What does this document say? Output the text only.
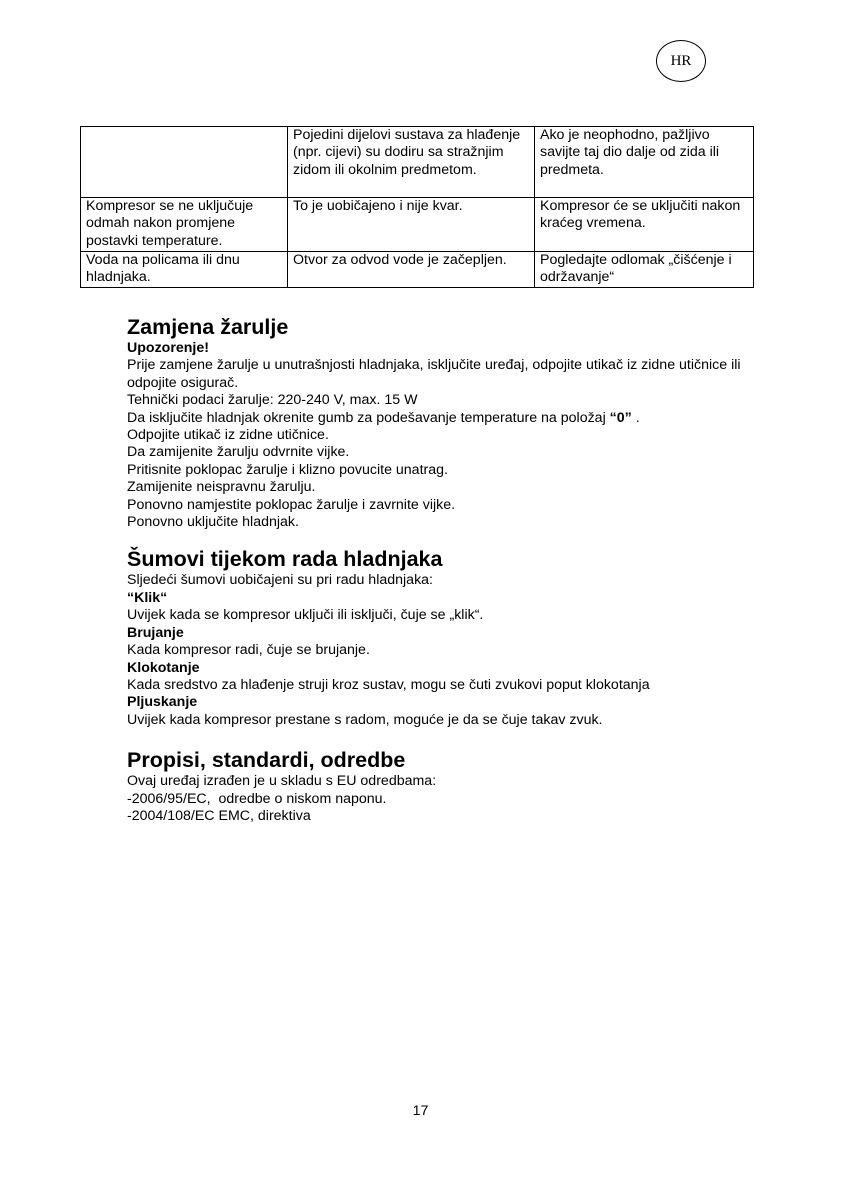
HR
	Pojedini dijelovi sustava za hlađenje (npr. cijevi) su dodiru sa stražnjim zidom ili okolnim predmetom.	Ako je neophodno, pažljivo savijte taj dio dalje od zida ili predmeta.
Kompresor se ne uključuje odmah nakon promjene postavki temperature.	To je uobičajeno i nije kvar.	Kompresor će se uključiti nakon kraćeg vremena.
Voda na policama ili dnu hladnjaka.	Otvor za odvod vode je začepljen.	Pogledajte odlomak „čišćenje i održavanje“
Zamjena žarulje

Upozorenje!

Prije zamjene žarulje u unutrašnjosti hladnjaka, isključite uređaj, odpojite utikač iz zidne utičnice ili odpojite osigurač.

Tehnički podaci žarulje: 220-240 V, max. 15 W

Da isključite hladnjak okrenite gumb za podešavanje temperature na položaj “0” .

Odpojite utikač iz zidne utičnice.

Da zamijenite žarulju odvrnite vijke.

Pritisnite poklopac žarulje i klizno povucite unatrag.

Zamijenite neispravnu žarulju.

Ponovno namjestite poklopac žarulje i zavrnite vijke.

Ponovno uključite hladnjak.

Šumovi tijekom rada hladnjaka

Sljedeći šumovi uobičajeni su pri radu hladnjaka:

“Klik“

Uvijek kada se kompresor uključi ili isključi, čuje se „klik“.

Brujanje

Kada kompresor radi, čuje se brujanje.

Klokotanje

Kada sredstvo za hlađenje struji kroz sustav, mogu se čuti zvukovi poput klokotanja

Pljuskanje

Uvijek kada kompresor prestane s radom, moguće je da se čuje takav zvuk.

Propisi, standardi, odredbe

Ovaj uređaj izrađen je u skladu s EU odredbama:

-2006/95/EC,  odredbe o niskom naponu.

-2004/108/EC EMC, direktiva

17
